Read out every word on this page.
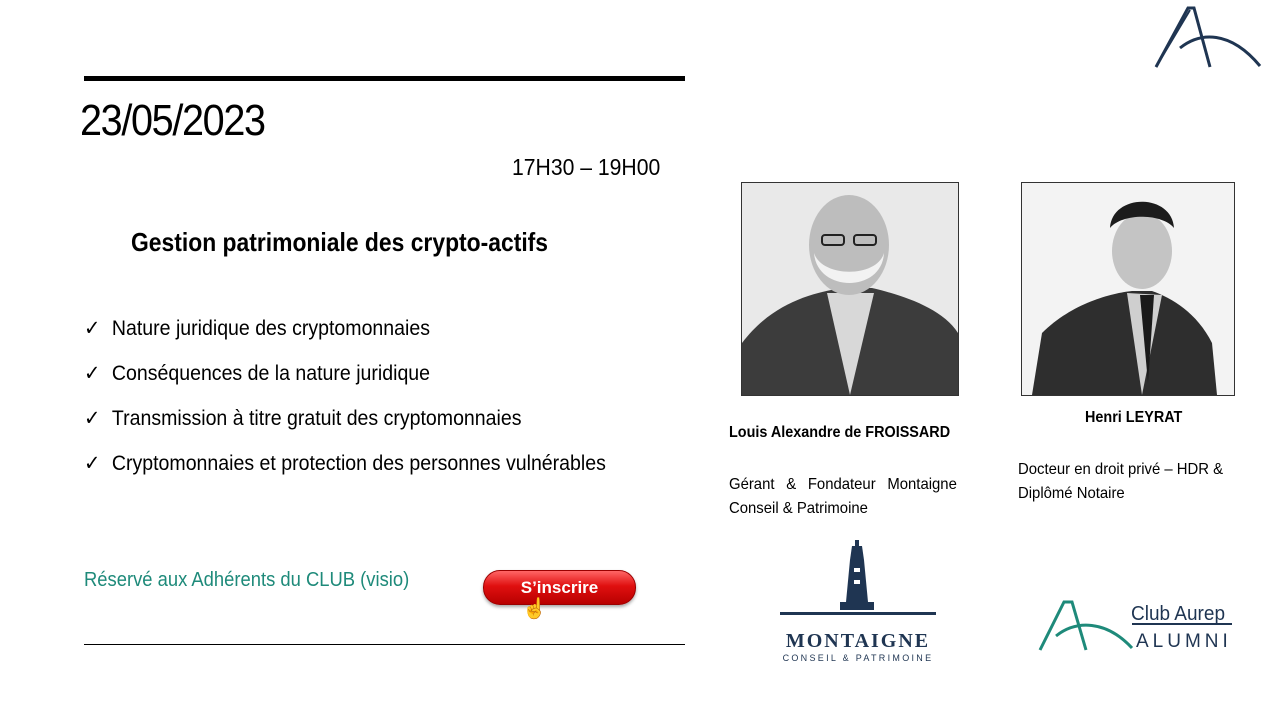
23/05/2023
17H30 – 19H00
Gestion patrimoniale des crypto-actifs
✓ Nature juridique des cryptomonnaies
✓ Conséquences de la nature juridique
✓ Transmission à titre gratuit des cryptomonnaies
✓ Cryptomonnaies et protection des personnes vulnérables
Réservé aux Adhérents du CLUB (visio)	S’inscrire
☝
Louis Alexandre de FROISSARD
Gérant & Fondateur Montaigne Conseil & Patrimoine
Henri LEYRAT
Docteur en droit privé – HDR & Diplômé Notaire
MONTAIGNE
CONSEIL & PATRIMOINE
Club Aurep
ALUMNI
